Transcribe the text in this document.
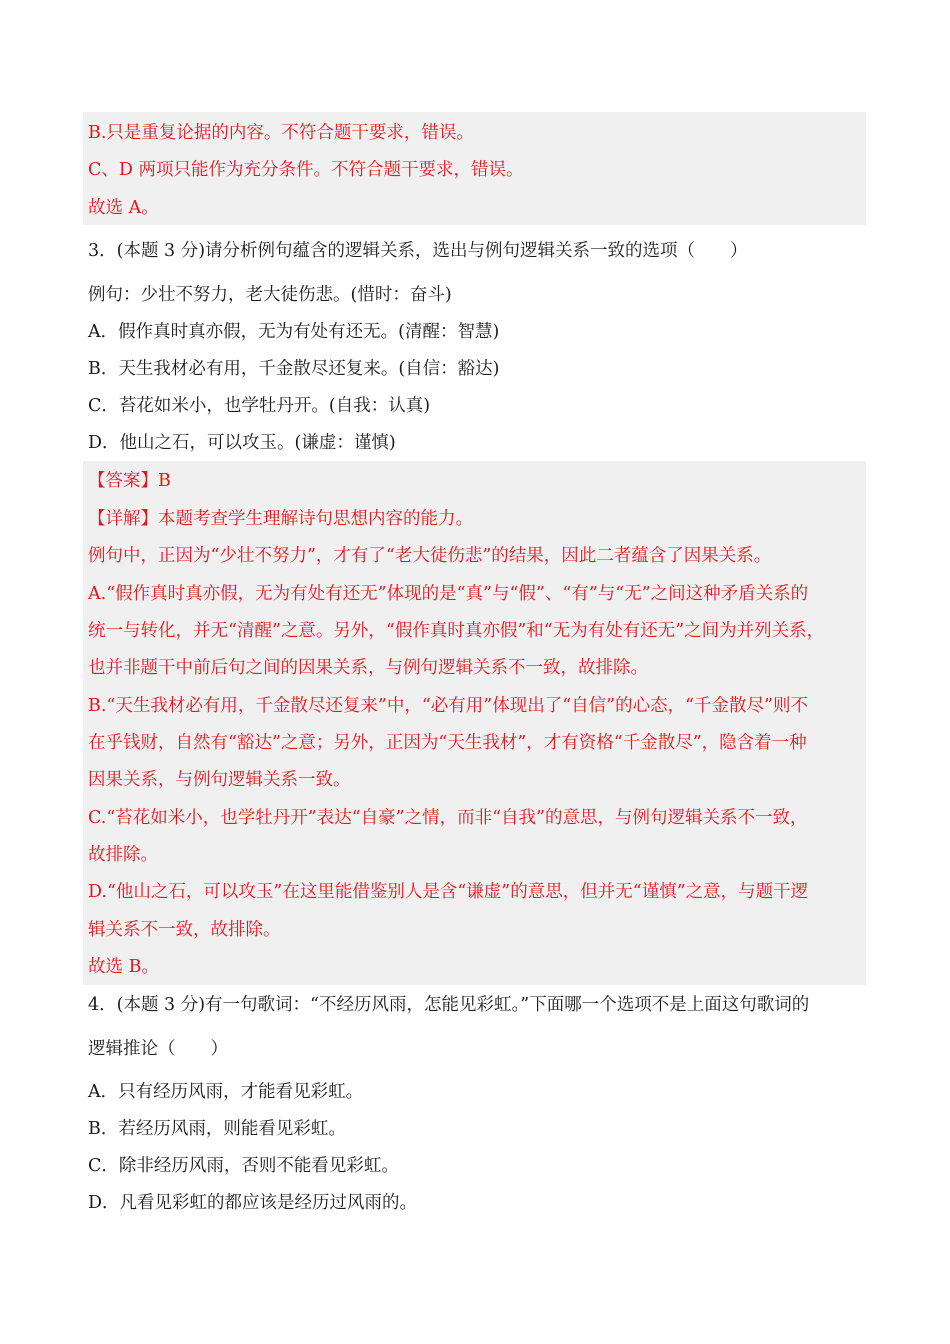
B.只是重复论据的内容。不符合题干要求，错误。
C、D 两项只能作为充分条件。不符合题干要求，错误。
故选 A。
3．(本题 3 分)请分析例句蕴含的逻辑关系，选出与例句逻辑关系一致的选项（　　）
例句：少壮不努力，老大徒伤悲。(惜时：奋斗)
A．假作真时真亦假，无为有处有还无。(清醒：智慧)
B．天生我材必有用，千金散尽还复来。(自信：豁达)
C．苔花如米小，也学牡丹开。(自我：认真)
D．他山之石，可以攻玉。(谦虚：谨慎)
【答案】B
【详解】本题考查学生理解诗句思想内容的能力。
例句中，正因为“少壮不努力”，才有了“老大徒伤悲”的结果，因此二者蕴含了因果关系。
A.“假作真时真亦假，无为有处有还无”体现的是“真”与“假”、“有”与“无”之间这种矛盾关系的
统一与转化，并无“清醒”之意。另外，“假作真时真亦假”和“无为有处有还无”之间为并列关系，
也并非题干中前后句之间的因果关系，与例句逻辑关系不一致，故排除。
B.“天生我材必有用，千金散尽还复来”中，“必有用”体现出了“自信”的心态，“千金散尽”则不
在乎钱财，自然有“豁达”之意；另外，正因为“天生我材”，才有资格“千金散尽”，隐含着一种
因果关系，与例句逻辑关系一致。
C.“苔花如米小，也学牡丹开”表达“自豪”之情，而非“自我”的意思，与例句逻辑关系不一致，
故排除。
D.“他山之石，可以攻玉”在这里能借鉴别人是含“谦虚”的意思，但并无“谨慎”之意，与题干逻
辑关系不一致，故排除。
故选 B。
4．(本题 3 分)有一句歌词：“不经历风雨，怎能见彩虹。”下面哪一个选项不是上面这句歌词的
逻辑推论（　　）
A．只有经历风雨，才能看见彩虹。
B．若经历风雨，则能看见彩虹。
C．除非经历风雨，否则不能看见彩虹。
D．凡看见彩虹的都应该是经历过风雨的。
